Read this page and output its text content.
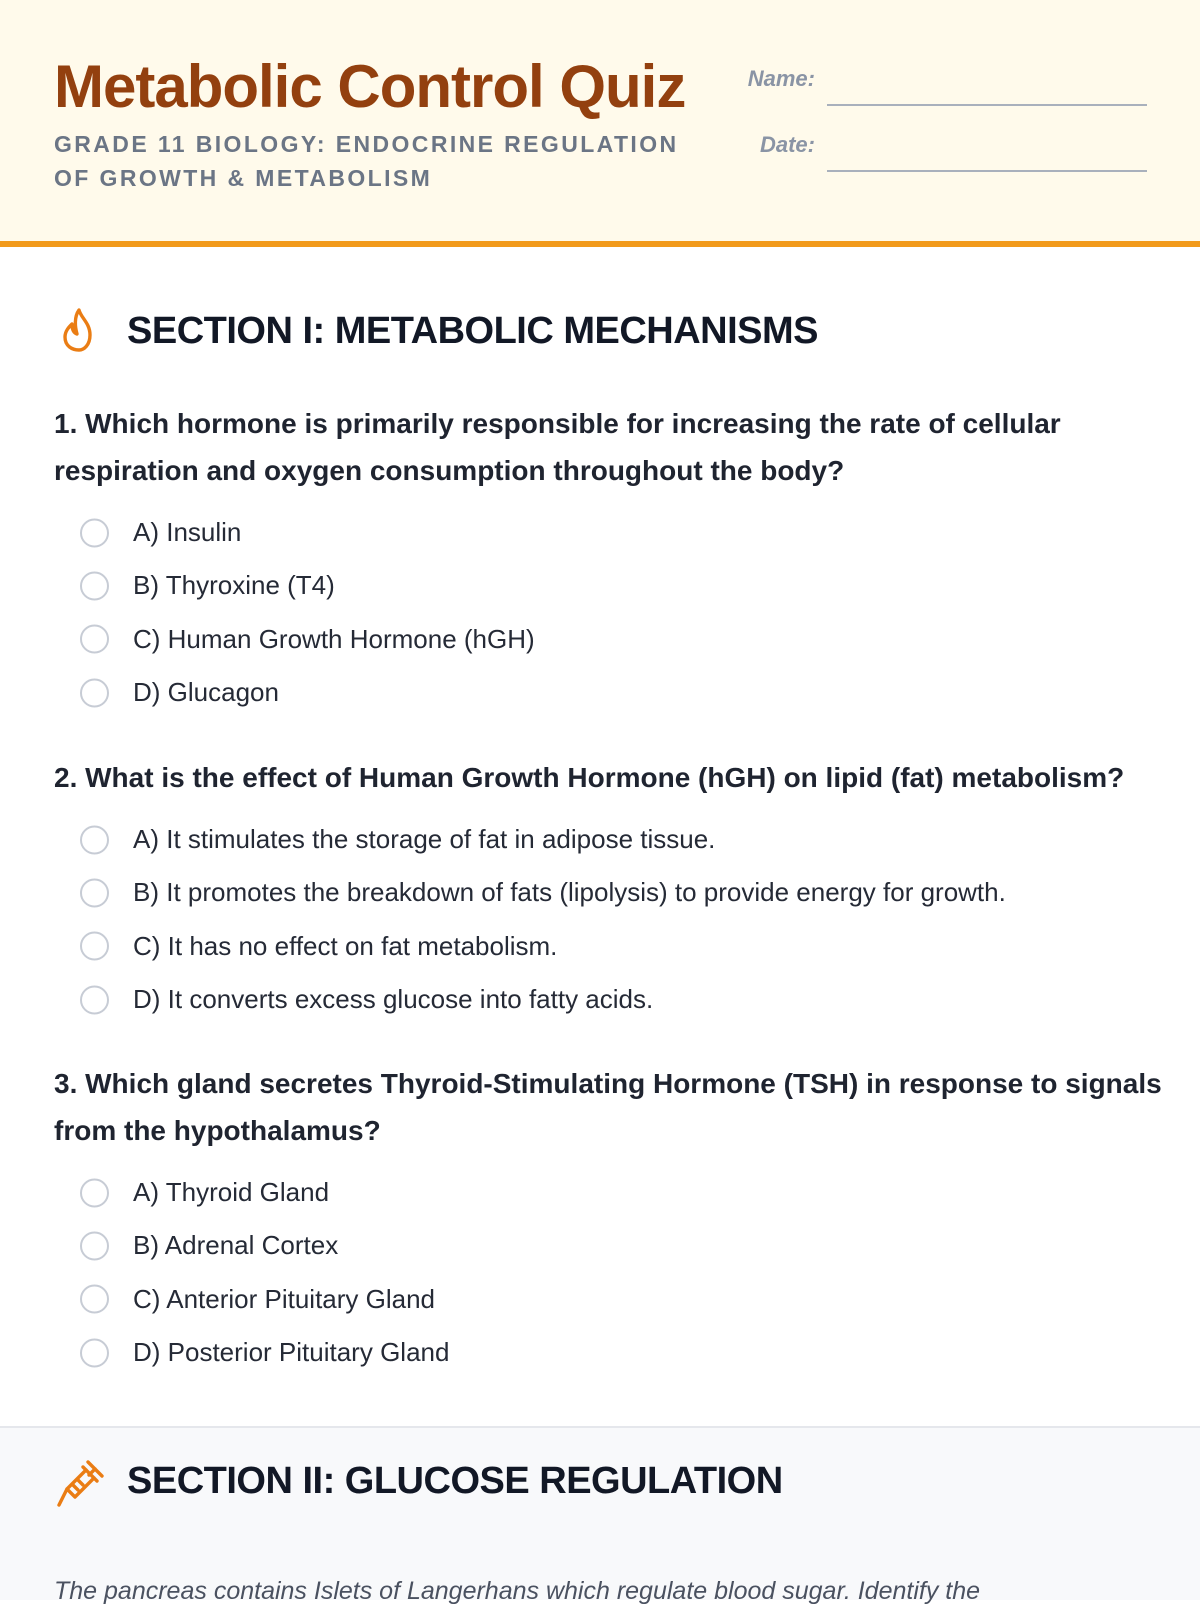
Metabolic Control Quiz
GRADE 11 BIOLOGY: ENDOCRINE REGULATION OF GROWTH & METABOLISM
Name:
Date:
SECTION I: METABOLIC MECHANISMS

1. Which hormone is primarily responsible for increasing the rate of cellular respiration and oxygen consumption throughout the body?

A) Insulin
B) Thyroxine (T4)
C) Human Growth Hormone (hGH)
D) Glucagon

2. What is the effect of Human Growth Hormone (hGH) on lipid (fat) metabolism?

A) It stimulates the storage of fat in adipose tissue.
B) It promotes the breakdown of fats (lipolysis) to provide energy for growth.
C) It has no effect on fat metabolism.
D) It converts excess glucose into fatty acids.

3. Which gland secretes Thyroid-Stimulating Hormone (TSH) in response to signals from the hypothalamus?

A) Thyroid Gland
B) Adrenal Cortex
C) Anterior Pituitary Gland
D) Posterior Pituitary Gland
SECTION II: GLUCOSE REGULATION
The pancreas contains Islets of Langerhans which regulate blood sugar. Identify the
